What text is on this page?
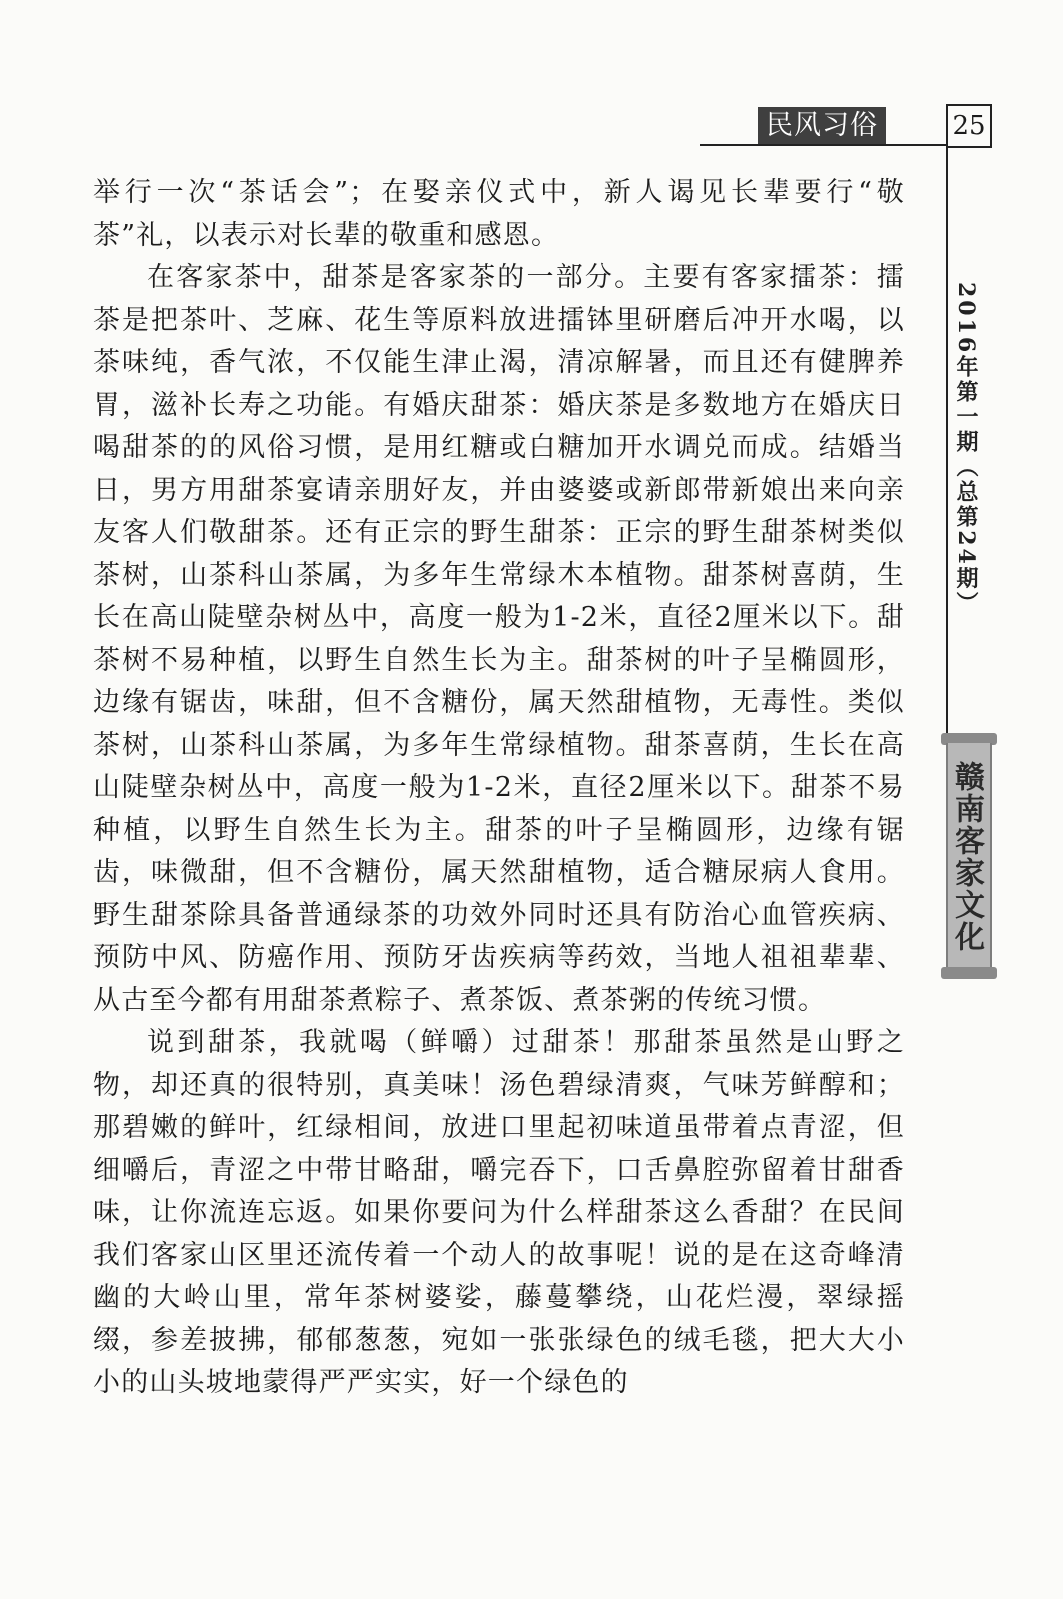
民风习俗	25
2016年第一期（总第24期）
赣南客家文化

举行一次“茶话会”；在娶亲仪式中，新人谒见长辈要行“敬茶”礼，以表示对长辈的敬重和感恩。

在客家茶中，甜茶是客家茶的一部分。主要有客家擂茶：擂茶是把茶叶、芝麻、花生等原料放进擂钵里研磨后冲开水喝，以茶味纯，香气浓，不仅能生津止渴，清凉解暑，而且还有健脾养胃，滋补长寿之功能。有婚庆甜茶：婚庆茶是多数地方在婚庆日喝甜茶的的风俗习惯，是用红糖或白糖加开水调兑而成。结婚当日，男方用甜茶宴请亲朋好友，并由婆婆或新郎带新娘出来向亲友客人们敬甜茶。还有正宗的野生甜茶：正宗的野生甜茶树类似茶树，山茶科山茶属，为多年生常绿木本植物。甜茶树喜荫，生长在高山陡壁杂树丛中，高度一般为1-2米，直径2厘米以下。甜茶树不易种植，以野生自然生长为主。甜茶树的叶子呈椭圆形，边缘有锯齿，味甜，但不含糖份，属天然甜植物，无毒性。类似茶树，山茶科山茶属，为多年生常绿植物。甜茶喜荫，生长在高山陡壁杂树丛中，高度一般为1-2米，直径2厘米以下。甜茶不易种植，以野生自然生长为主。甜茶的叶子呈椭圆形，边缘有锯齿，味微甜，但不含糖份，属天然甜植物，适合糖尿病人食用。野生甜茶除具备普通绿茶的功效外同时还具有防治心血管疾病、预防中风、防癌作用、预防牙齿疾病等药效，当地人祖祖辈辈、从古至今都有用甜茶煮粽子、煮茶饭、煮茶粥的传统习惯。

说到甜茶，我就喝（鲜嚼）过甜茶！那甜茶虽然是山野之物，却还真的很特别，真美味！汤色碧绿清爽，气味芳鲜醇和；那碧嫩的鲜叶，红绿相间，放进口里起初味道虽带着点青涩，但细嚼后，青涩之中带甘略甜，嚼完吞下，口舌鼻腔弥留着甘甜香味，让你流连忘返。如果你要问为什么样甜茶这么香甜？在民间我们客家山区里还流传着一个动人的故事呢！说的是在这奇峰清幽的大岭山里，常年茶树婆娑，藤蔓攀绕，山花烂漫，翠绿摇缀，参差披拂，郁郁葱葱，宛如一张张绿色的绒毛毯，把大大小小的山头坡地蒙得严严实实，好一个绿色的
